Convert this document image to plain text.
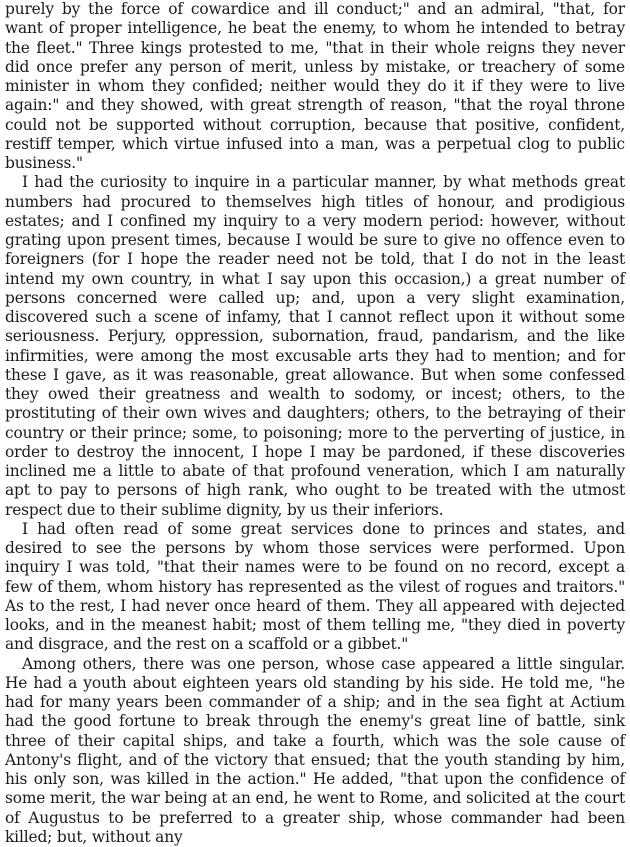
purely by the force of cowardice and ill conduct;" and an admiral, "that, for want of proper intelligence, he beat the enemy, to whom he intended to betray the fleet." Three kings protested to me, "that in their whole reigns they never did once prefer any person of merit, unless by mistake, or treachery of some minister in whom they confided; neither would they do it if they were to live again:" and they showed, with great strength of reason, "that the royal throne could not be supported without corruption, because that positive, confident, restiff temper, which virtue infused into a man, was a perpetual clog to public business."

I had the curiosity to inquire in a particular manner, by what methods great numbers had procured to themselves high titles of honour, and prodigious estates; and I confined my inquiry to a very modern period: however, without grating upon present times, because I would be sure to give no offence even to foreigners (for I hope the reader need not be told, that I do not in the least intend my own country, in what I say upon this occasion,) a great number of persons concerned were called up; and, upon a very slight examination, discovered such a scene of infamy, that I cannot reflect upon it without some seriousness. Perjury, oppression, subornation, fraud, pandarism, and the like infirmities, were among the most excusable arts they had to mention; and for these I gave, as it was reasonable, great allowance. But when some confessed they owed their greatness and wealth to sodomy, or incest; others, to the prostituting of their own wives and daughters; others, to the betraying of their country or their prince; some, to poisoning; more to the perverting of justice, in order to destroy the innocent, I hope I may be pardoned, if these discoveries inclined me a little to abate of that profound veneration, which I am naturally apt to pay to persons of high rank, who ought to be treated with the utmost respect due to their sublime dignity, by us their inferiors.

I had often read of some great services done to princes and states, and desired to see the persons by whom those services were performed. Upon inquiry I was told, "that their names were to be found on no record, except a few of them, whom history has represented as the vilest of rogues and traitors." As to the rest, I had never once heard of them. They all appeared with dejected looks, and in the meanest habit; most of them telling me, "they died in poverty and disgrace, and the rest on a scaffold or a gibbet."

Among others, there was one person, whose case appeared a little singular. He had a youth about eighteen years old standing by his side. He told me, "he had for many years been commander of a ship; and in the sea fight at Actium had the good fortune to break through the enemy's great line of battle, sink three of their capital ships, and take a fourth, which was the sole cause of Antony's flight, and of the victory that ensued; that the youth standing by him, his only son, was killed in the action." He added, "that upon the confidence of some merit, the war being at an end, he went to Rome, and solicited at the court of Augustus to be preferred to a greater ship, whose commander had been killed; but, without any
